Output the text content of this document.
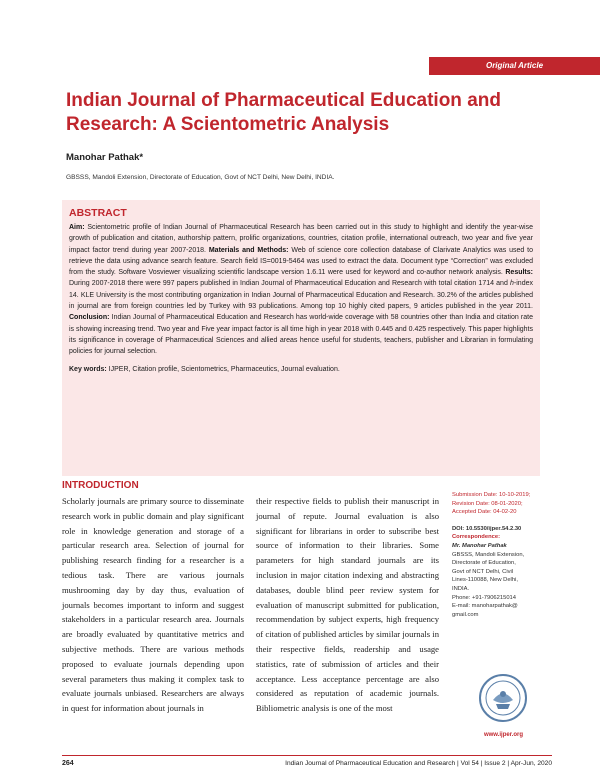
Original Article
Indian Journal of Pharmaceutical Education and Research: A Scientometric Analysis
Manohar Pathak*
GBSSS, Mandoli Extension, Directorate of Education, Govt of NCT Delhi, New Delhi, INDIA.
ABSTRACT
Aim: Scientometric profile of Indian Journal of Pharmaceutical Research has been carried out in this study to highlight and identify the year-wise growth of publication and citation, authorship pattern, prolific organizations, countries, citation profile, international outreach, two year and five year impact factor trend during year 2007-2018. Materials and Methods: Web of science core collection database of Clarivate Analytics was used to retrieve the data using advance search feature. Search field IS=0019-5464 was used to extract the data. Document type “Correction” was excluded from the study. Software Vosviewer visualizing scientific landscape version 1.6.11 were used for keyword and co-author network analysis. Results: During 2007-2018 there were 997 papers published in Indian Journal of Pharmaceutical Education and Research with total citation 1714 and h-index 14. KLE University is the most contributing organization in Indian Journal of Pharmaceutical Education and Research. 30.2% of the articles published in journal are from foreign countries led by Turkey with 93 publications. Among top 10 highly cited papers, 9 articles published in the year 2011. Conclusion: Indian Journal of Pharmaceutical Education and Research has world-wide coverage with 58 countries other than India and citation rate is showing increasing trend. Two year and Five year impact factor is all time high in year 2018 with 0.445 and 0.425 respectively. This paper highlights its significance in coverage of Pharmaceutical Sciences and allied areas hence useful for students, teachers, publisher and Librarian in formulating policies for journal selection.
Key words: IJPER, Citation profile, Scientometrics, Pharmaceutics, Journal evaluation.
INTRODUCTION
Scholarly journals are primary source to disseminate research work in public domain and play significant role in knowledge generation and storage of a particular research area. Selection of journal for publishing research finding for a researcher is a tedious task. There are various journals mushrooming day by day thus, evaluation of journals becomes important to inform and suggest stakeholders in a particular research area. Journals are broadly evaluated by quantitative metrics and subjective methods. There are various methods proposed to evaluate journals depending upon several parameters thus making it complex task to evaluate journals unbiased. Researchers are always in quest for information about journals in
their respective fields to publish their manuscript in journal of repute. Journal evaluation is also significant for librarians in order to subscribe best source of information to their libraries. Some parameters for high standard journals are its inclusion in major citation indexing and abstracting databases, double blind peer review system for evaluation of manuscript submitted for publication, recommendation by subject experts, high frequency of citation of published articles by similar journals in their respective fields, readership and usage statistics, rate of submission of articles and their acceptance. Less acceptance percentage are also considered as reputation of academic journals. Bibliometric analysis is one of the most
Submission Date: 10-10-2019;
Revision Date: 08-01-2020;
Accepted Date: 04-02-20
DOI: 10.5530/ijper.54.2.30
Correspondence:
Mr. Manohar Pathak
GBSSS, Mandoli Extension,
Directorate of Education,
Govt of NCT Delhi, Civil
Lines-110088, New Delhi,
INDIA.
Phone: +91-7906215014
E-mail: manoharpathak@
gmail.com
www.ijper.org
264	Indian Journal of Pharmaceutical Education and Research | Vol 54 | Issue 2 | Apr-Jun, 2020
